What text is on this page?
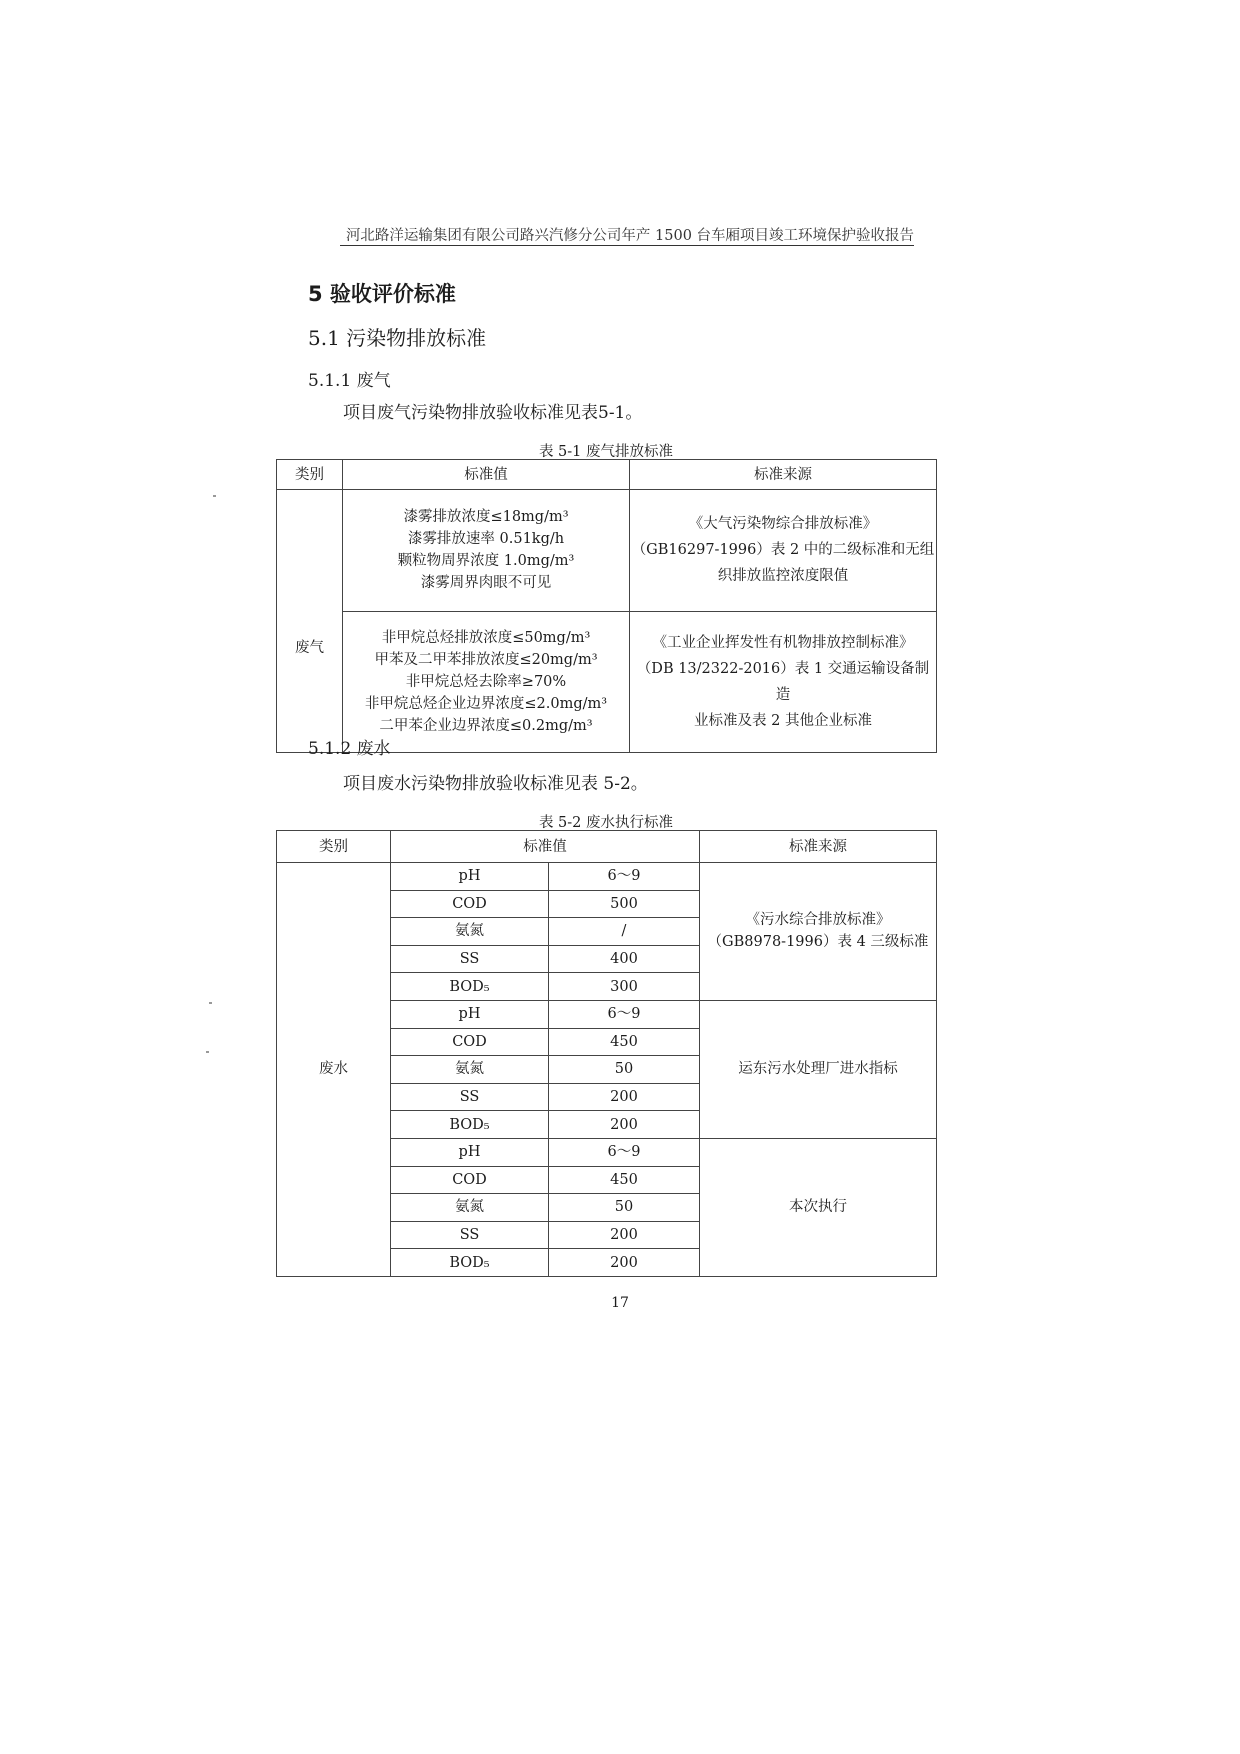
河北路洋运输集团有限公司路兴汽修分公司年产 1500 台车厢项目竣工环境保护验收报告
5 验收评价标准
5.1 污染物排放标准
5.1.1 废气
项目废气污染物排放验收标准见表5-1。
表 5-1 废气排放标准
类别	标准值	标准来源

废气	漆雾排放浓度≤18mg/m³
漆雾排放速率 0.51kg/h
颗粒物周界浓度 1.0mg/m³
漆雾周界肉眼不可见	《大气污染物综合排放标准》
（GB16297-1996）表 2 中的二级标准和无组
织排放监控浓度限值

	非甲烷总烃排放浓度≤50mg/m³
甲苯及二甲苯排放浓度≤20mg/m³
非甲烷总烃去除率≥70%
非甲烷总烃企业边界浓度≤2.0mg/m³
二甲苯企业边界浓度≤0.2mg/m³	《工业企业挥发性有机物排放控制标准》
（DB 13/2322-2016）表 1 交通运输设备制造
业标准及表 2 其他企业标准
5.1.2 废水
项目废水污染物排放验收标准见表 5-2。
表 5-2 废水执行标准
类别	标准值		标准来源
废水	pH	6～9	《污水综合排放标准》
（GB8978-1996）表 4 三级标准

	COD	500	
	氨氮	/	
	SS	400	
	BOD₅	300	
	pH	6～9	运东污水处理厂进水指标

	COD	450	
	氨氮	50	
	SS	200	
	BOD₅	200	
	pH	6～9	本次执行

	COD	450	
	氨氮	50	
	SS	200	
	BOD₅	200	
17
